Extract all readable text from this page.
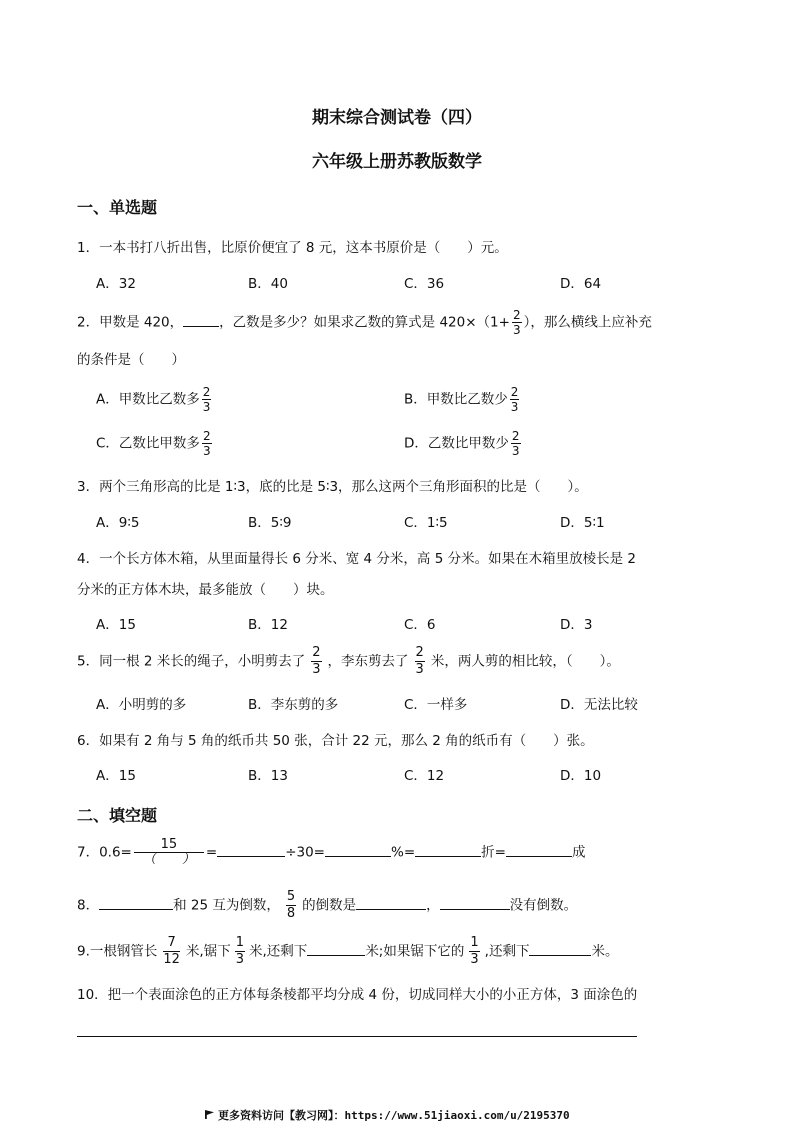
期末综合测试卷（四）
六年级上册苏教版数学
一、单选题
1．一本书打八折出售，比原价便宜了 8 元，这本书原价是（　　）元。
A．32	B．40	C．36	D．64
2．甲数是 420，	，乙数是多少？如果求乙数的算式是 $420\times(1+ \frac{2}{3}$ ），那么横线上应补充
的条件是（　　）
A．甲数比乙数多 $\frac{2}{3}$	B．甲数比乙数少 $\frac{2}{3}$
C．乙数比甲数多 $\frac{2}{3}$	D．乙数比甲数少 $\frac{2}{3}$
3．两个三角形高的比是 1∶3，底的比是 5∶3，那么这两个三角形面积的比是（　　）。
A．9∶5	B．5∶9	C．1∶5	D．5∶1
4．一个长方体木箱，从里面量得长 6 分米、宽 4 分米，高 5 分米。如果在木箱里放棱长是 2
分米的正方体木块，最多能放（　　）块。
A．15	B．12	C．6	D．3
5．同一根 2 米长的绳子，小明剪去了 $\frac{2}{3}$ ，李东剪去了 $\frac{2}{3}$ 米，两人剪的相比较，（　　）。
A．小明剪的多	B．李东剪的多	C．一样多	D．无法比较
6．如果有 2 角与 5 角的纸币共 50 张，合计 22 元，那么 2 角的纸币有（　　）张。
A．15	B．13	C．12	D．10
二、填空题
7．$0.6= \frac{15}{( )}$ =	÷30=	%=	折=	成
8．	和 25 互为倒数， $\frac{5}{8}$ 的倒数是	，	没有倒数。
9.一根钢管长 $\frac{7}{12}$ 米,锯下 $\frac{1}{3}$ 米,还剩下	米;如果锯下它的 $\frac{1}{3}$ ,还剩下	米。
10．把一个表面涂色的正方体每条棱都平均分成 4 份，切成同样大小的小正方体，3 面涂色的
更多资料访问【教习网】：https://www.51jiaoxi.com/u/2195370
